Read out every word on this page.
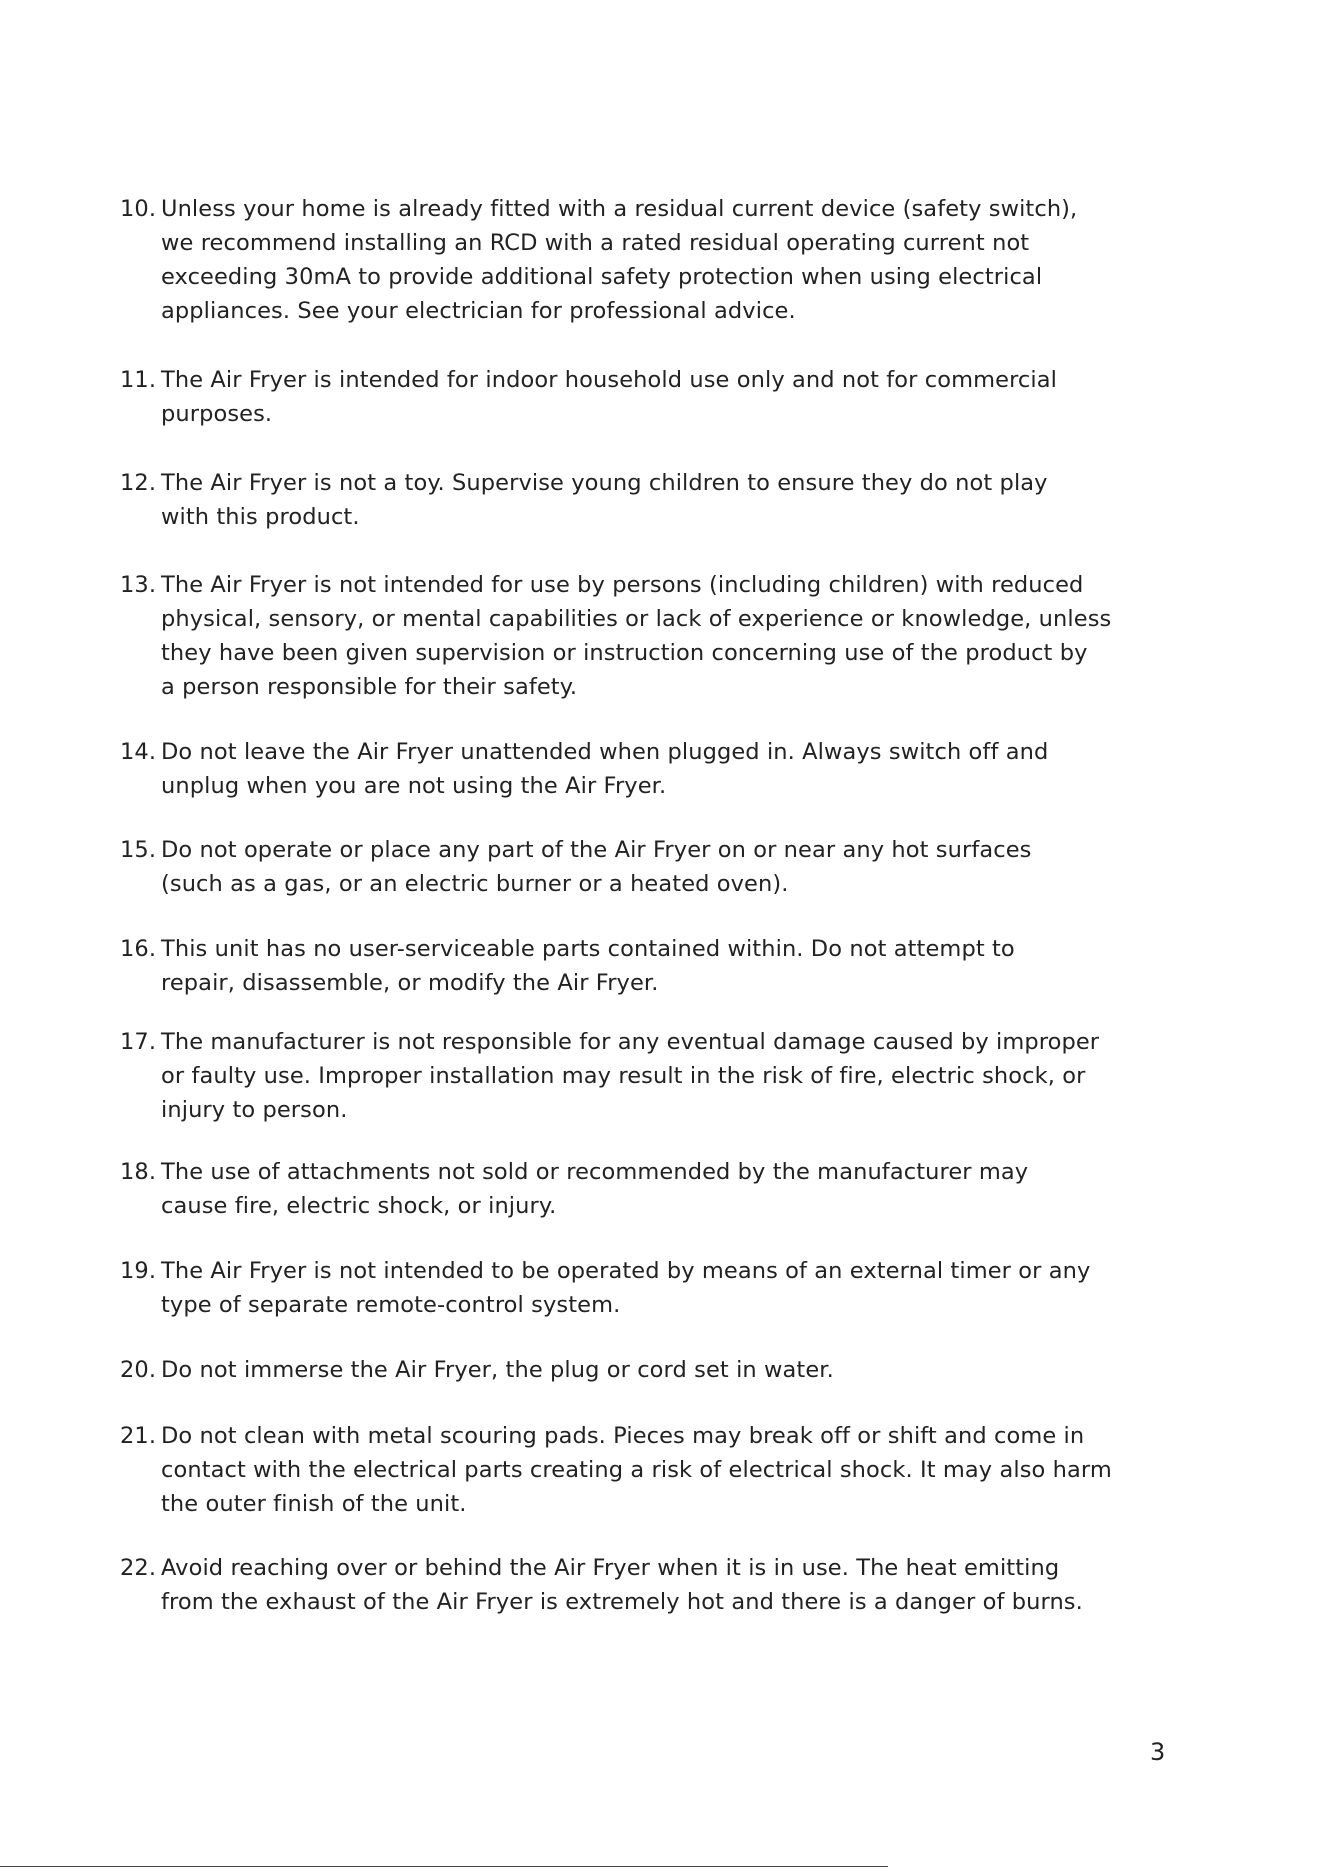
10. Unless your home is already fitted with a residual current device (safety switch),
we recommend installing an RCD with a rated residual operating current not
exceeding 30mA to provide additional safety protection when using electrical
appliances. See your electrician for professional advice.
11. The Air Fryer is intended for indoor household use only and not for commercial
purposes.
12. The Air Fryer is not a toy. Supervise young children to ensure they do not play
with this product.
13. The Air Fryer is not intended for use by persons (including children) with reduced
physical, sensory, or mental capabilities or lack of experience or knowledge, unless
they have been given supervision or instruction concerning use of the product by
a person responsible for their safety.
14. Do not leave the Air Fryer unattended when plugged in. Always switch off and
unplug when you are not using the Air Fryer.
15. Do not operate or place any part of the Air Fryer on or near any hot surfaces
(such as a gas, or an electric burner or a heated oven).
16. This unit has no user-serviceable parts contained within. Do not attempt to
repair, disassemble, or modify the Air Fryer.
17. The manufacturer is not responsible for any eventual damage caused by improper
or faulty use. Improper installation may result in the risk of fire, electric shock, or
injury to person.
18. The use of attachments not sold or recommended by the manufacturer may
cause fire, electric shock, or injury.
19. The Air Fryer is not intended to be operated by means of an external timer or any
type of separate remote-control system.
20. Do not immerse the Air Fryer, the plug or cord set in water.
21. Do not clean with metal scouring pads. Pieces may break off or shift and come in
contact with the electrical parts creating a risk of electrical shock. It may also harm
the outer finish of the unit.
22. Avoid reaching over or behind the Air Fryer when it is in use. The heat emitting
from the exhaust of the Air Fryer is extremely hot and there is a danger of burns.
3
